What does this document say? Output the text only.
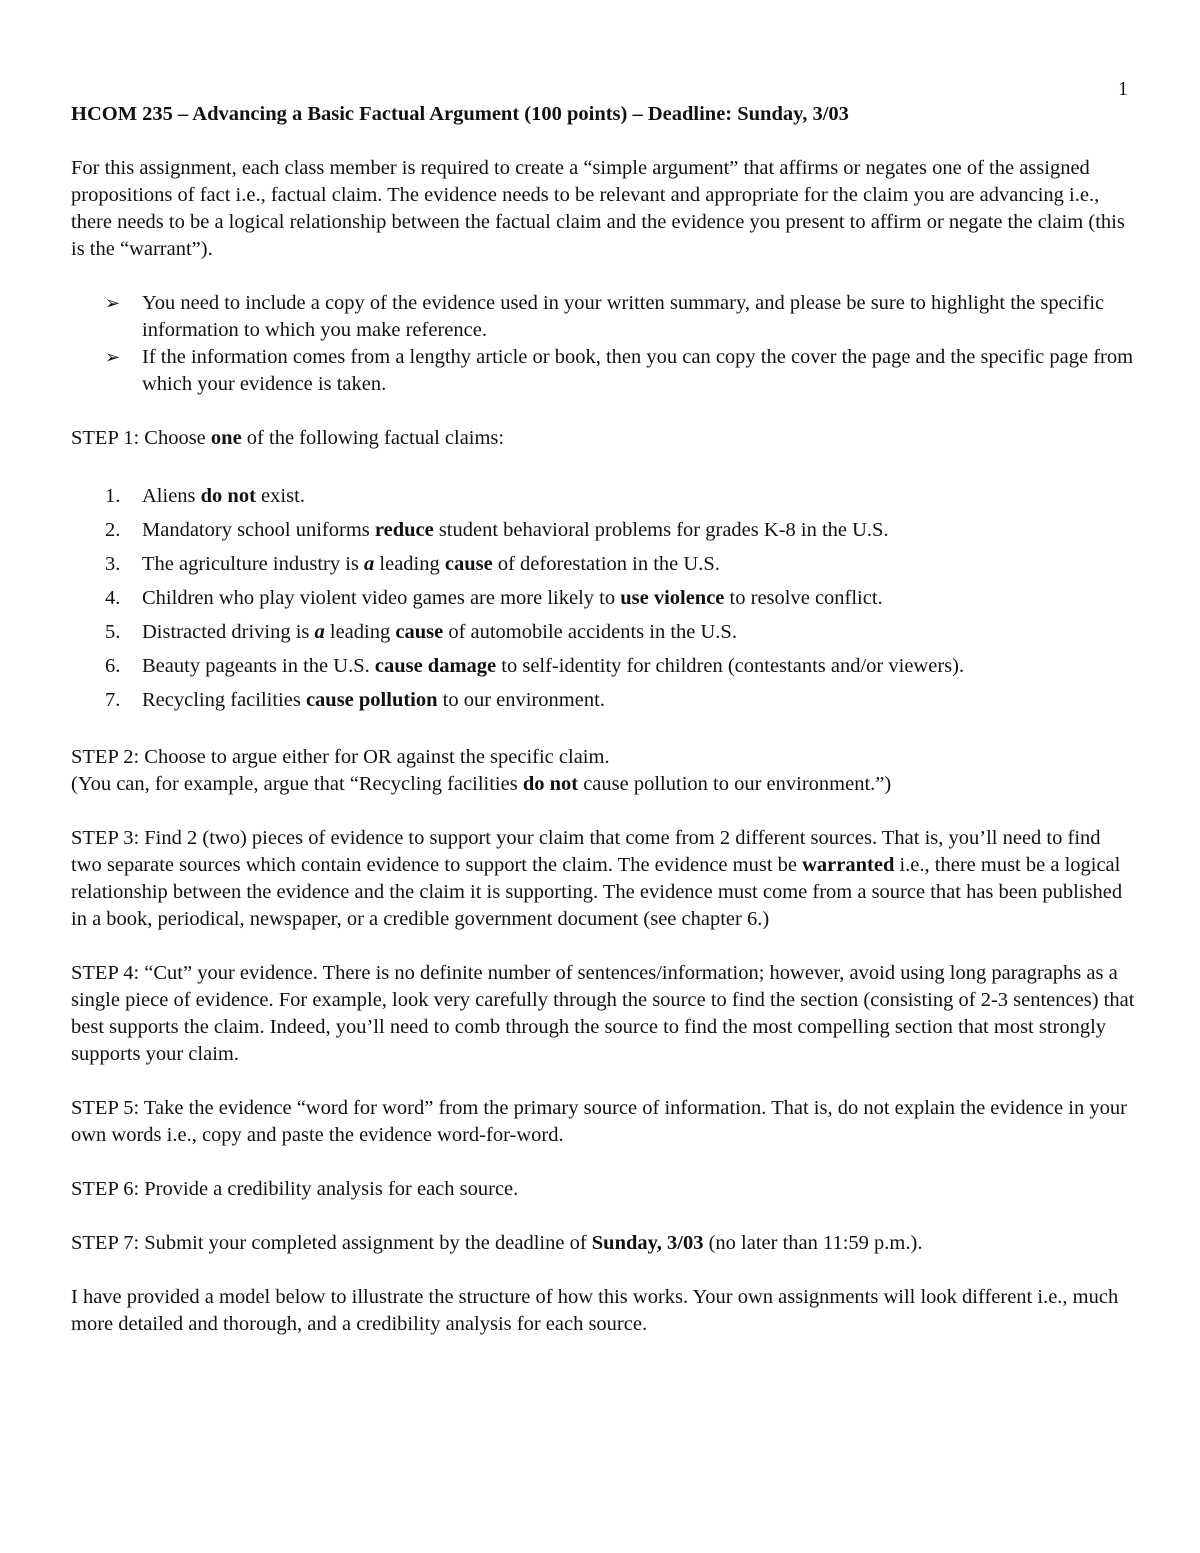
1
HCOM 235 – Advancing a Basic Factual Argument (100 points) – Deadline: Sunday, 3/03

For this assignment, each class member is required to create a “simple argument” that affirms or negates one of the assigned propositions of fact i.e., factual claim. The evidence needs to be relevant and appropriate for the claim you are advancing i.e., there needs to be a logical relationship between the factual claim and the evidence you present to affirm or negate the claim (this is the “warrant”).

➢ You need to include a copy of the evidence used in your written summary, and please be sure to highlight the specific information to which you make reference.
➢ If the information comes from a lengthy article or book, then you can copy the cover the page and the specific page from which your evidence is taken.

STEP 1: Choose one of the following factual claims:

1. Aliens do not exist.
2. Mandatory school uniforms reduce student behavioral problems for grades K-8 in the U.S.
3. The agriculture industry is a leading cause of deforestation in the U.S.
4. Children who play violent video games are more likely to use violence to resolve conflict.
5. Distracted driving is a leading cause of automobile accidents in the U.S.
6. Beauty pageants in the U.S. cause damage to self-identity for children (contestants and/or viewers).
7. Recycling facilities cause pollution to our environment.

STEP 2: Choose to argue either for OR against the specific claim.
(You can, for example, argue that “Recycling facilities do not cause pollution to our environment.”)

STEP 3: Find 2 (two) pieces of evidence to support your claim that come from 2 different sources. That is, you’ll need to find two separate sources which contain evidence to support the claim. The evidence must be warranted i.e., there must be a logical relationship between the evidence and the claim it is supporting. The evidence must come from a source that has been published in a book, periodical, newspaper, or a credible government document (see chapter 6.)

STEP 4: “Cut” your evidence. There is no definite number of sentences/information; however, avoid using long paragraphs as a single piece of evidence. For example, look very carefully through the source to find the section (consisting of 2-3 sentences) that best supports the claim. Indeed, you’ll need to comb through the source to find the most compelling section that most strongly supports your claim.

STEP 5: Take the evidence “word for word” from the primary source of information. That is, do not explain the evidence in your own words i.e., copy and paste the evidence word-for-word.

STEP 6: Provide a credibility analysis for each source.

STEP 7: Submit your completed assignment by the deadline of Sunday, 3/03 (no later than 11:59 p.m.).

I have provided a model below to illustrate the structure of how this works. Your own assignments will look different i.e., much more detailed and thorough, and a credibility analysis for each source.
